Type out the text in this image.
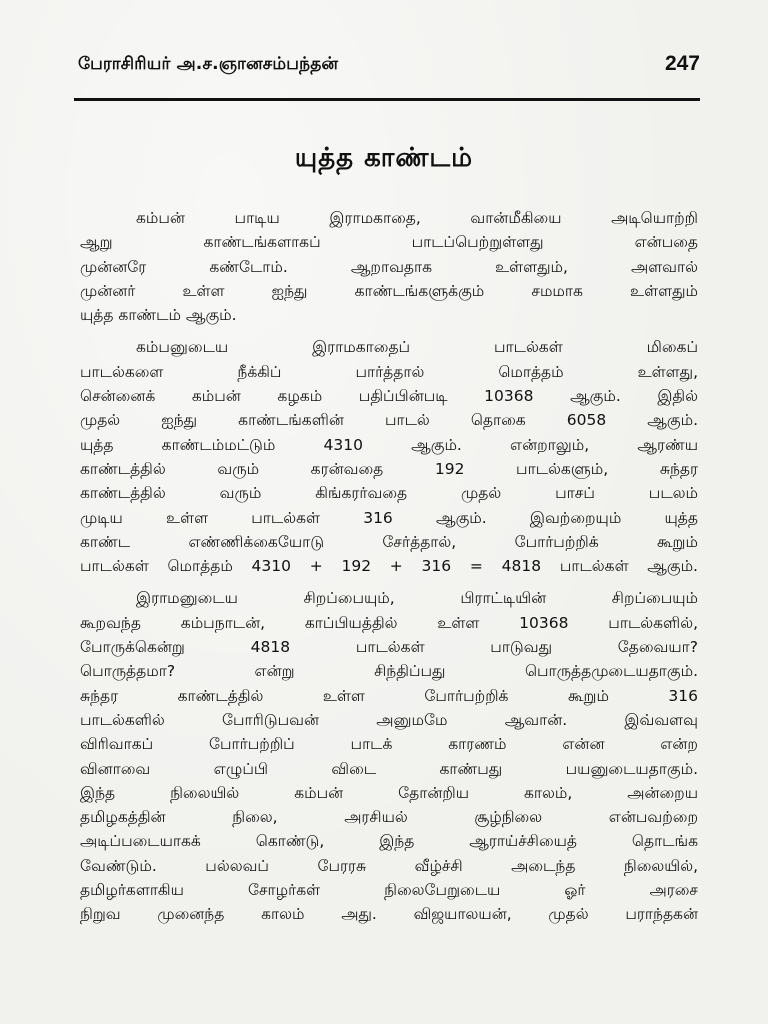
பேராசிரியர் அ.ச.ஞானசம்பந்தன்	247
யுத்த காண்டம்
கம்பன் பாடிய இராமகாதை, வான்மீகியை அடியொற்றி
ஆறு காண்டங்களாகப் பாடப்பெற்றுள்ளது என்பதை
முன்னரே கண்டோம். ஆறாவதாக உள்ளதும், அளவால்
முன்னர் உள்ள ஐந்து காண்டங்களுக்கும் சமமாக உள்ளதும்
யுத்த காண்டம் ஆகும்.
கம்பனுடைய இராமகாதைப் பாடல்கள் மிகைப்
பாடல்களை நீக்கிப் பார்த்தால் மொத்தம் உள்ளது,
சென்னைக் கம்பன் கழகம் பதிப்பின்படி 10368 ஆகும். இதில்
முதல் ஐந்து காண்டங்களின் பாடல் தொகை 6058 ஆகும்.
யுத்த காண்டம்மட்டும் 4310 ஆகும். என்றாலும், ஆரண்ய
காண்டத்தில் வரும் கரன்வதை 192 பாடல்களும், சுந்தர
காண்டத்தில் வரும் கிங்கரர்வதை முதல் பாசப் படலம்
முடிய உள்ள பாடல்கள் 316 ஆகும். இவற்றையும் யுத்த
காண்ட எண்ணிக்கையோடு சேர்த்தால், போர்பற்றிக் கூறும்
பாடல்கள் மொத்தம் 4310 + 192 + 316 = 4818 பாடல்கள் ஆகும்.
இராமனுடைய சிறப்பையும், பிராட்டியின் சிறப்பையும்
கூறவந்த கம்பநாடன், காப்பியத்தில் உள்ள 10368 பாடல்களில்,
போருக்கென்று 4818 பாடல்கள் பாடுவது தேவையா?
பொருத்தமா? என்று சிந்திப்பது பொருத்தமுடையதாகும்.
சுந்தர காண்டத்தில் உள்ள போர்பற்றிக் கூறும் 316
பாடல்களில் போரிடுபவன் அனுமமே ஆவான். இவ்வளவு
விரிவாகப் போர்பற்றிப் பாடக் காரணம் என்ன என்ற
வினாவை எழுப்பி விடை காண்பது பயனுடையதாகும்.
இந்த நிலையில் கம்பன் தோன்றிய காலம், அன்றைய
தமிழகத்தின் நிலை, அரசியல் சூழ்நிலை என்பவற்றை
அடிப்படையாகக் கொண்டு, இந்த ஆராய்ச்சியைத் தொடங்க
வேண்டும். பல்லவப் பேரரசு வீழ்ச்சி அடைந்த நிலையில்,
தமிழர்களாகிய சோழர்கள் நிலைபேறுடைய ஓர் அரசை
நிறுவ முனைந்த காலம் அது. விஜயாலயன், முதல் பராந்தகன்
